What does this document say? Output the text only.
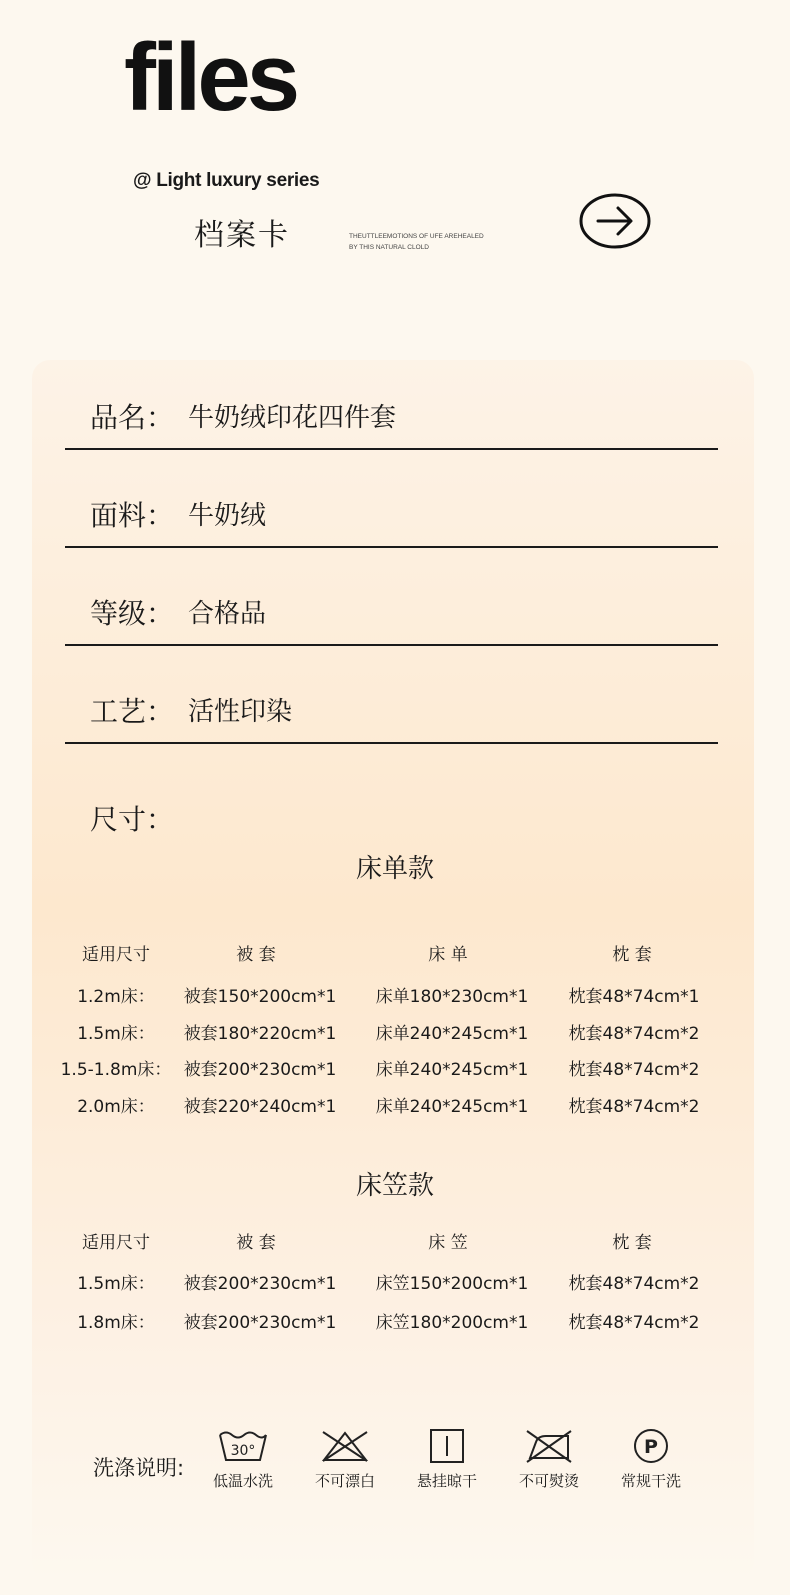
files
@ Light luxury series
档案卡	THEUTTLEEMOTIONS OF UFE AREHEALED
BY THIS NATURAL CLOLD
品名： 牛奶绒印花四件套
面料： 牛奶绒
等级： 合格品
工艺： 活性印染
尺寸：
床单款
适用尺寸	被 套	床 单	枕 套
1.2m床： 被套150*200cm*1 床单180*230cm*1 枕套48*74cm*1
1.5m床： 被套180*220cm*1 床单240*245cm*1 枕套48*74cm*2
1.5-1.8m床： 被套200*230cm*1 床单240*245cm*1 枕套48*74cm*2
2.0m床： 被套220*240cm*1 床单240*245cm*1 枕套48*74cm*2
床笠款
适用尺寸	被 套	床 笠	枕 套
1.5m床： 被套200*230cm*1 床笠150*200cm*1 枕套48*74cm*2
1.8m床： 被套200*230cm*1 床笠180*200cm*1 枕套48*74cm*2
洗涤说明:
30°
低温水洗	不可漂白	悬挂晾干	不可熨烫
P
常规干洗
